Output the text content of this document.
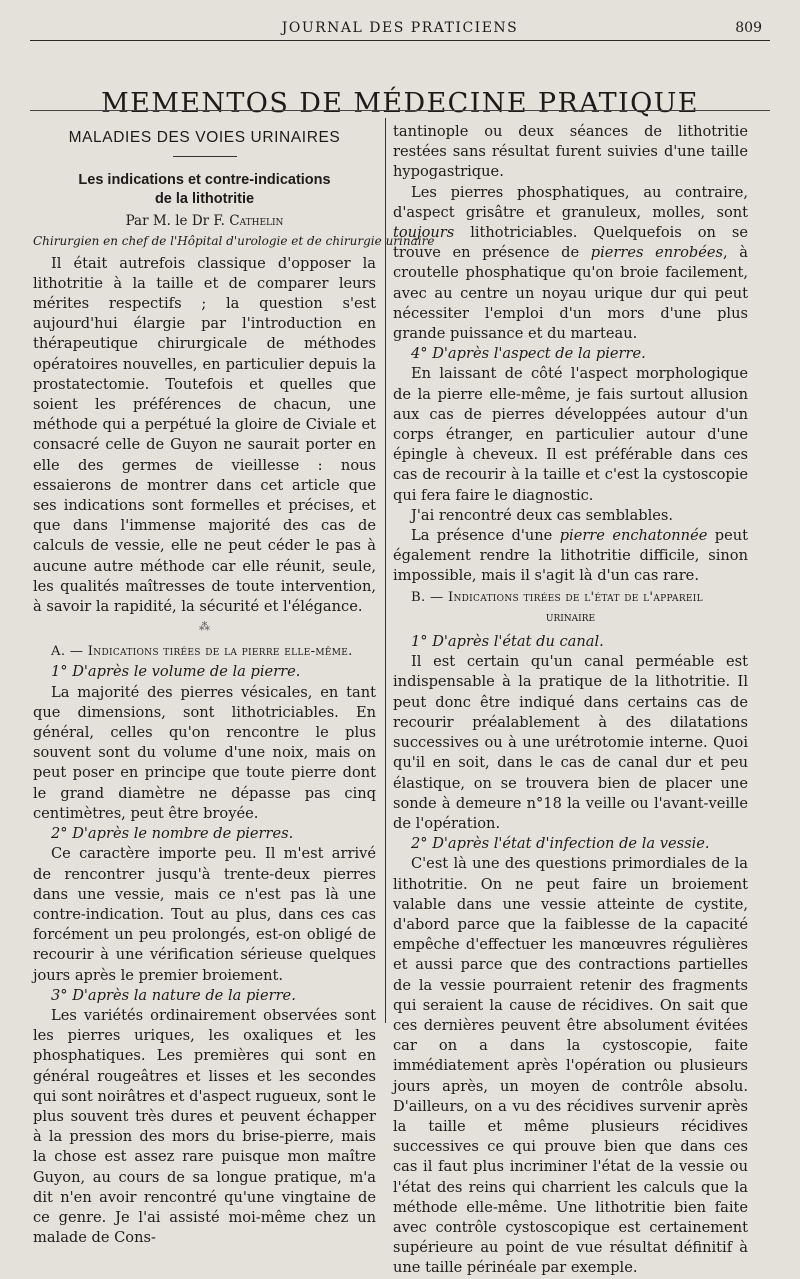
JOURNAL DES PRATICIENS	809
MEMENTOS DE MÉDECINE PRATIQUE
MALADIES DES VOIES URINAIRES
Les indications et contre-indications
de la lithotritie
Par M. le Dr F. Cathelin
Chirurgien en chef de l'Hôpital d'urologie et de chirurgie urinaire

Il était autrefois classique d'opposer la lithotritie à la taille et de comparer leurs mérites respectifs ; la question s'est aujourd'hui élargie par l'introduction en thérapeutique chirurgicale de méthodes opératoires nouvelles, en particulier depuis la prostatectomie. Toutefois et quelles que soient les préférences de chacun, une méthode qui a perpétué la gloire de Civiale et consacré celle de Guyon ne saurait porter en elle des germes de vieillesse : nous essaierons de montrer dans cet article que ses indications sont formelles et précises, et que dans l'immense majorité des cas de calculs de vessie, elle ne peut céder le pas à aucune autre méthode car elle réunit, seule, les qualités maîtresses de toute intervention, à savoir la rapidité, la sécurité et l'élégance.

⁂

A. — Indications tirées de la pierre elle-même.

1° D'après le volume de la pierre.

La majorité des pierres vésicales, en tant que dimensions, sont lithotriciables. En général, celles qu'on rencontre le plus souvent sont du volume d'une noix, mais on peut poser en principe que toute pierre dont le grand diamètre ne dépasse pas cinq centimètres, peut être broyée.

2° D'après le nombre de pierres.

Ce caractère importe peu. Il m'est arrivé de rencontrer jusqu'à trente-deux pierres dans une vessie, mais ce n'est pas là une contre-indication. Tout au plus, dans ces cas forcément un peu prolongés, est-on obligé de recourir à une vérification sérieuse quelques jours après le premier broiement.

3° D'après la nature de la pierre.

Les variétés ordinairement observées sont les pierres uriques, les oxaliques et les phosphatiques. Les premières qui sont en général rougeâtres et lisses et les secondes qui sont noirâtres et d'aspect rugueux, sont le plus souvent très dures et peuvent échapper à la pression des mors du brise-pierre, mais la chose est assez rare puisque mon maître Guyon, au cours de sa longue pratique, m'a dit n'en avoir rencontré qu'une vingtaine de ce genre. Je l'ai assisté moi-même chez un malade de Cons-

tantinople ou deux séances de lithotritie restées sans résultat furent suivies d'une taille hypogastrique.

Les pierres phosphatiques, au contraire, d'aspect grisâtre et granuleux, molles, sont toujours lithotriciables. Quelquefois on se trouve en présence de pierres enrobées, à croutelle phosphatique qu'on broie facilement, avec au centre un noyau urique dur qui peut nécessiter l'emploi d'un mors d'une plus grande puissance et du marteau.

4° D'après l'aspect de la pierre.

En laissant de côté l'aspect morphologique de la pierre elle-même, je fais surtout allusion aux cas de pierres développées autour d'un corps étranger, en particulier autour d'une épingle à cheveux. Il est préférable dans ces cas de recourir à la taille et c'est la cystoscopie qui fera faire le diagnostic.

J'ai rencontré deux cas semblables.

La présence d'une pierre enchatonnée peut également rendre la lithotritie difficile, sinon impossible, mais il s'agit là d'un cas rare.

B. — Indications tirées de l'état de l'appareil

urinaire

1° D'après l'état du canal.

Il est certain qu'un canal perméable est indispensable à la pratique de la lithotritie. Il peut donc être indiqué dans certains cas de recourir préalablement à des dilatations successives ou à une urétrotomie interne. Quoi qu'il en soit, dans le cas de canal dur et peu élastique, on se trouvera bien de placer une sonde à demeure n°18 la veille ou l'avant-veille de l'opération.

2° D'après l'état d'infection de la vessie.

C'est là une des questions primordiales de la lithotritie. On ne peut faire un broiement valable dans une vessie atteinte de cystite, d'abord parce que la faiblesse de la capacité empêche d'effectuer les manœuvres régulières et aussi parce que des contractions partielles de la vessie pourraient retenir des fragments qui seraient la cause de récidives. On sait que ces dernières peuvent être absolument évitées car on a dans la cystoscopie, faite immédiatement après l'opération ou plusieurs jours après, un moyen de contrôle absolu. D'ailleurs, on a vu des récidives survenir après la taille et même plusieurs récidives successives ce qui prouve bien que dans ces cas il faut plus incriminer l'état de la vessie ou l'état des reins qui charrient les calculs que la méthode elle-même. Une lithotritie bien faite avec contrôle cystoscopique est certainement supérieure au point de vue résultat définitif à une taille périnéale par exemple.
